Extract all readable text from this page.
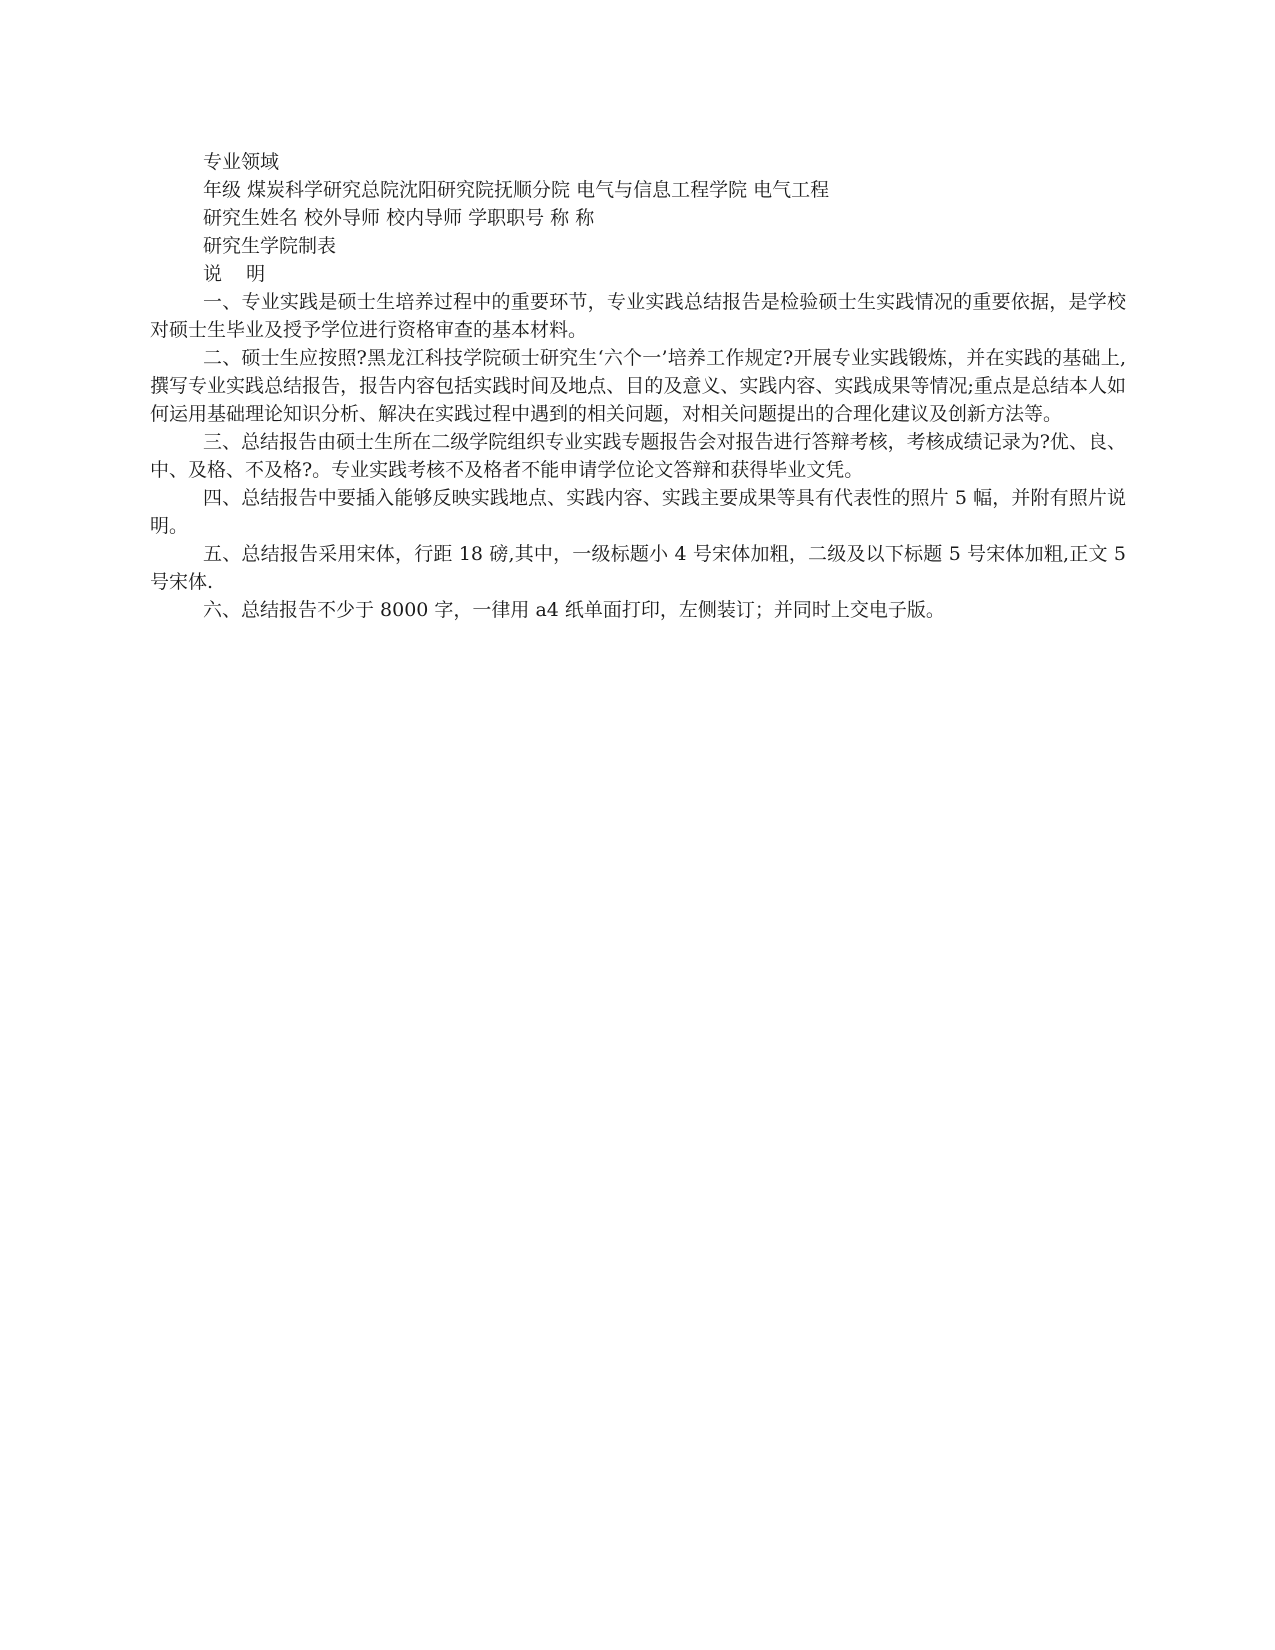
专业领域
年级 煤炭科学研究总院沈阳研究院抚顺分院 电气与信息工程学院 电气工程
研究生姓名 校外导师 校内导师 学职职号 称 称
研究生学院制表
说    明
一、专业实践是硕士生培养过程中的重要环节，专业实践总结报告是检验硕士生实践情况的重要依据，是学校对硕士生毕业及授予学位进行资格审查的基本材料。
二、硕士生应按照?黑龙江科技学院硕士研究生‘六个一’培养工作规定?开展专业实践锻炼，并在实践的基础上,撰写专业实践总结报告，报告内容包括实践时间及地点、目的及意义、实践内容、实践成果等情况;重点是总结本人如何运用基础理论知识分析、解决在实践过程中遇到的相关问题，对相关问题提出的合理化建议及创新方法等。
三、总结报告由硕士生所在二级学院组织专业实践专题报告会对报告进行答辩考核，考核成绩记录为?优、良、中、及格、不及格?。专业实践考核不及格者不能申请学位论文答辩和获得毕业文凭。
四、总结报告中要插入能够反映实践地点、实践内容、实践主要成果等具有代表性的照片 5 幅，并附有照片说明。
五、总结报告采用宋体，行距 18 磅,其中，一级标题小 4 号宋体加粗，二级及以下标题 5 号宋体加粗,正文 5 号宋体.
六、总结报告不少于 8000 字，一律用 a4 纸单面打印，左侧装订；并同时上交电子版。
